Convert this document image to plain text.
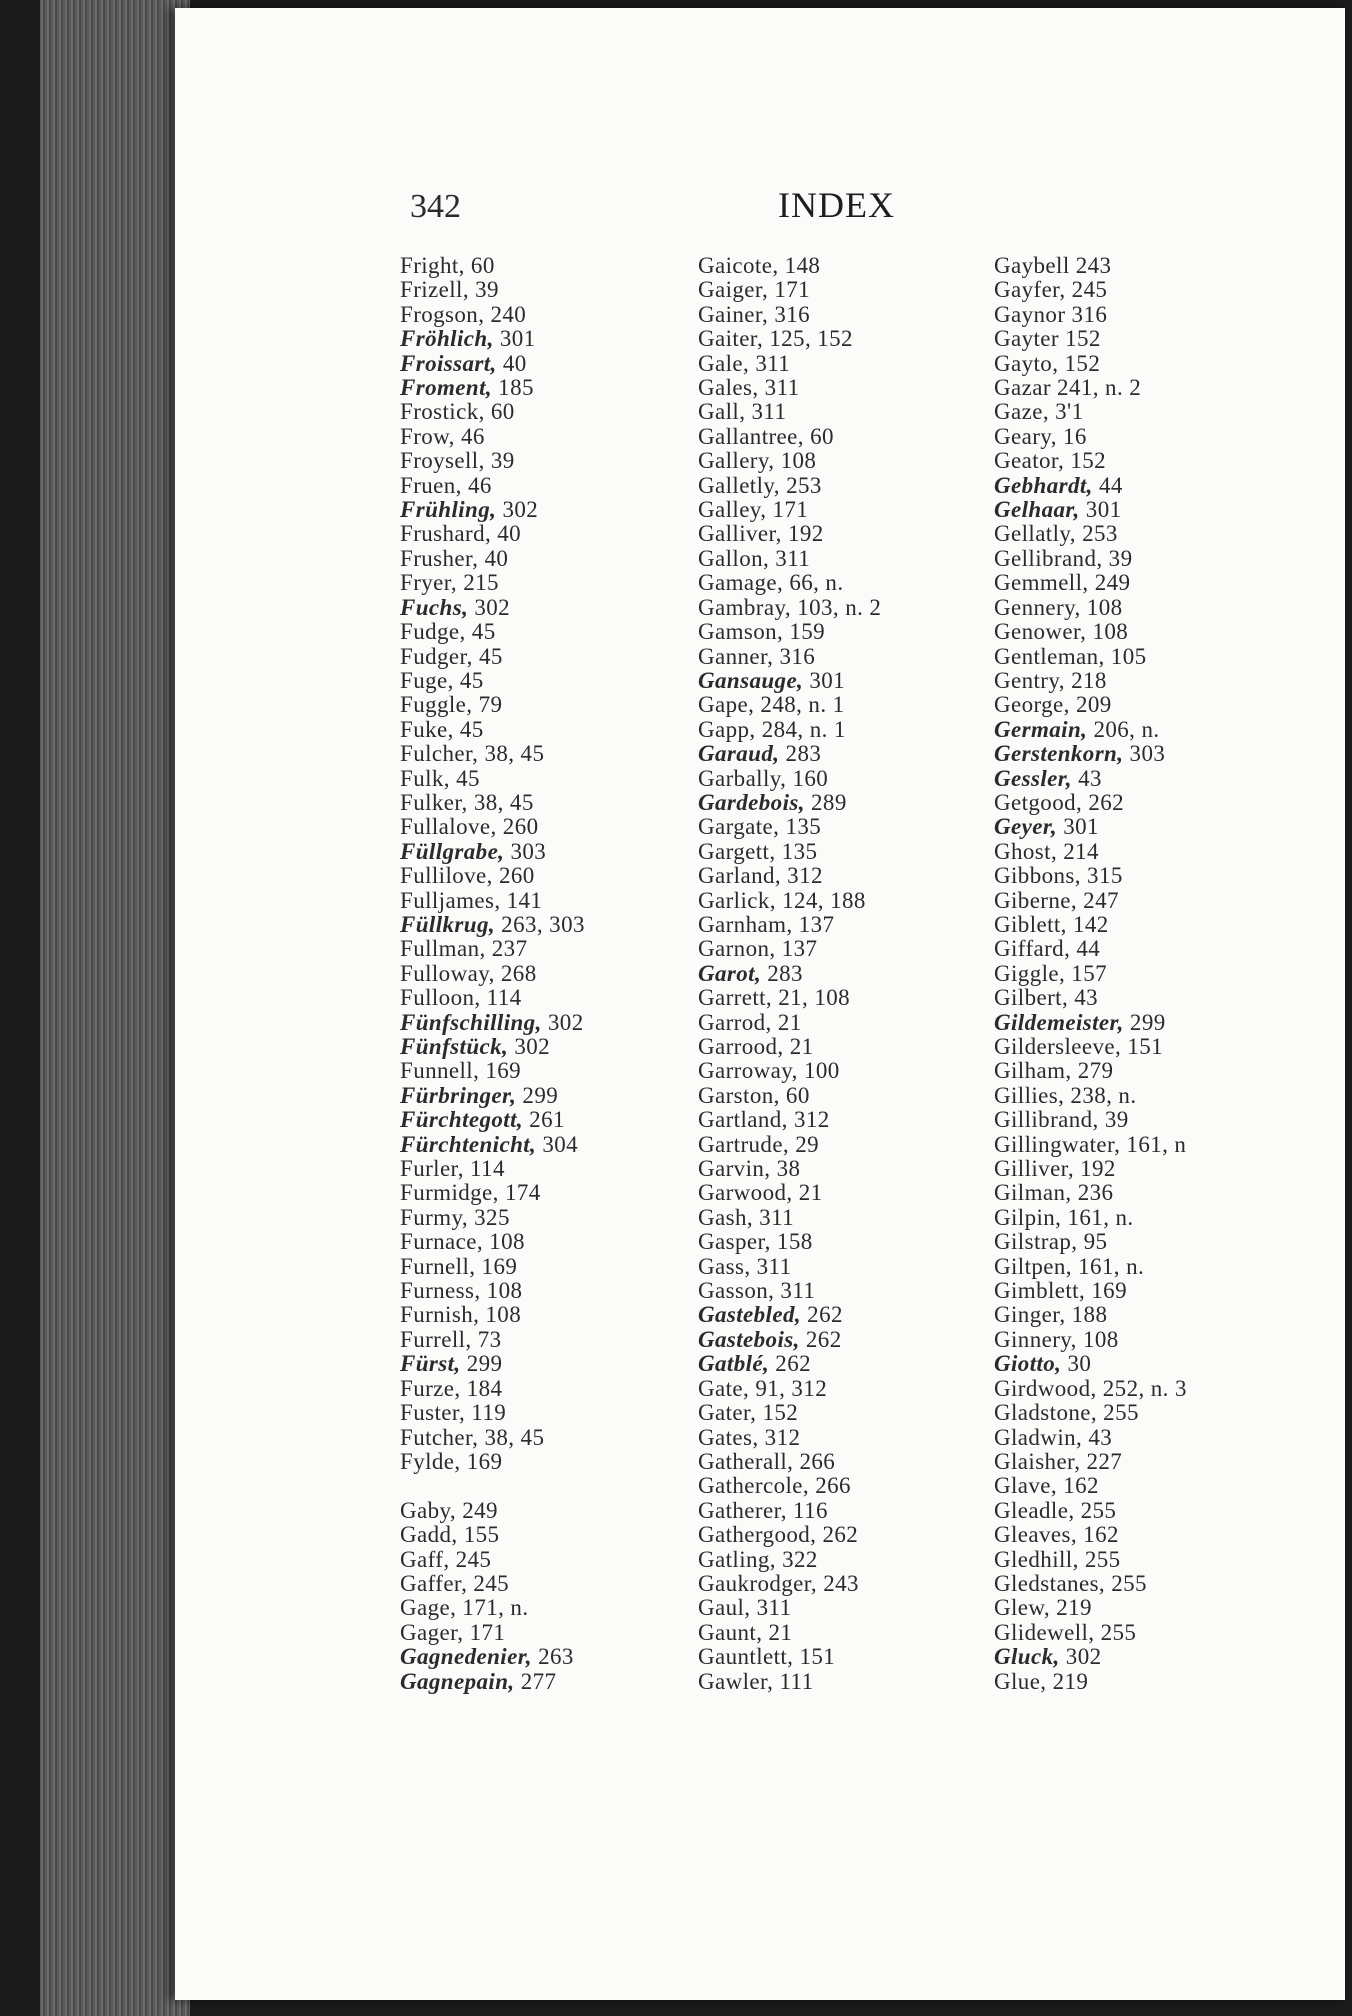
342	INDEX
Fright, 60
Frizell, 39
Frogson, 240
Fröhlich, 301
Froissart, 40
Froment, 185
Frostick, 60
Frow, 46
Froysell, 39
Fruen, 46
Frühling, 302
Frushard, 40
Frusher, 40
Fryer, 215
Fuchs, 302
Fudge, 45
Fudger, 45
Fuge, 45
Fuggle, 79
Fuke, 45
Fulcher, 38, 45
Fulk, 45
Fulker, 38, 45
Fullalove, 260
Füllgrabe, 303
Fullilove, 260
Fulljames, 141
Füllkrug, 263, 303
Fullman, 237
Fulloway, 268
Fulloon, 114
Fünfschilling, 302
Fünfstück, 302
Funnell, 169
Fürbringer, 299
Fürchtegott, 261
Fürchtenicht, 304
Furler, 114
Furmidge, 174
Furmy, 325
Furnace, 108
Furnell, 169
Furness, 108
Furnish, 108
Furrell, 73
Fürst, 299
Furze, 184
Fuster, 119
Futcher, 38, 45
Fylde, 169
Gaby, 249
Gadd, 155
Gaff, 245
Gaffer, 245
Gage, 171, n.
Gager, 171
Gagnedenier, 263
Gagnepain, 277
Gaicote, 148
Gaiger, 171
Gainer, 316
Gaiter, 125, 152
Gale, 311
Gales, 311
Gall, 311
Gallantree, 60
Gallery, 108
Galletly, 253
Galley, 171
Galliver, 192
Gallon, 311
Gamage, 66, n.
Gambray, 103, n. 2
Gamson, 159
Ganner, 316
Gansauge, 301
Gape, 248, n. 1
Gapp, 284, n. 1
Garaud, 283
Garbally, 160
Gardebois, 289
Gargate, 135
Gargett, 135
Garland, 312
Garlick, 124, 188
Garnham, 137
Garnon, 137
Garot, 283
Garrett, 21, 108
Garrod, 21
Garrood, 21
Garroway, 100
Garston, 60
Gartland, 312
Gartrude, 29
Garvin, 38
Garwood, 21
Gash, 311
Gasper, 158
Gass, 311
Gasson, 311
Gastebled, 262
Gastebois, 262
Gatblé, 262
Gate, 91, 312
Gater, 152
Gates, 312
Gatherall, 266
Gathercole, 266
Gatherer, 116
Gathergood, 262
Gatling, 322
Gaukrodger, 243
Gaul, 311
Gaunt, 21
Gauntlett, 151
Gawler, 111
Gaybell 243
Gayfer, 245
Gaynor 316
Gayter 152
Gayto, 152
Gazar 241, n. 2
Gaze, 3'1
Geary, 16
Geator, 152
Gebhardt, 44
Gelhaar, 301
Gellatly, 253
Gellibrand, 39
Gemmell, 249
Gennery, 108
Genower, 108
Gentleman, 105
Gentry, 218
George, 209
Germain, 206, n.
Gerstenkorn, 303
Gessler, 43
Getgood, 262
Geyer, 301
Ghost, 214
Gibbons, 315
Giberne, 247
Giblett, 142
Giffard, 44
Giggle, 157
Gilbert, 43
Gildemeister, 299
Gildersleeve, 151
Gilham, 279
Gillies, 238, n.
Gillibrand, 39
Gillingwater, 161, n
Gilliver, 192
Gilman, 236
Gilpin, 161, n.
Gilstrap, 95
Giltpen, 161, n.
Gimblett, 169
Ginger, 188
Ginnery, 108
Giotto, 30
Girdwood, 252, n. 3
Gladstone, 255
Gladwin, 43
Glaisher, 227
Glave, 162
Gleadle, 255
Gleaves, 162
Gledhill, 255
Gledstanes, 255
Glew, 219
Glidewell, 255
Gluck, 302
Glue, 219
